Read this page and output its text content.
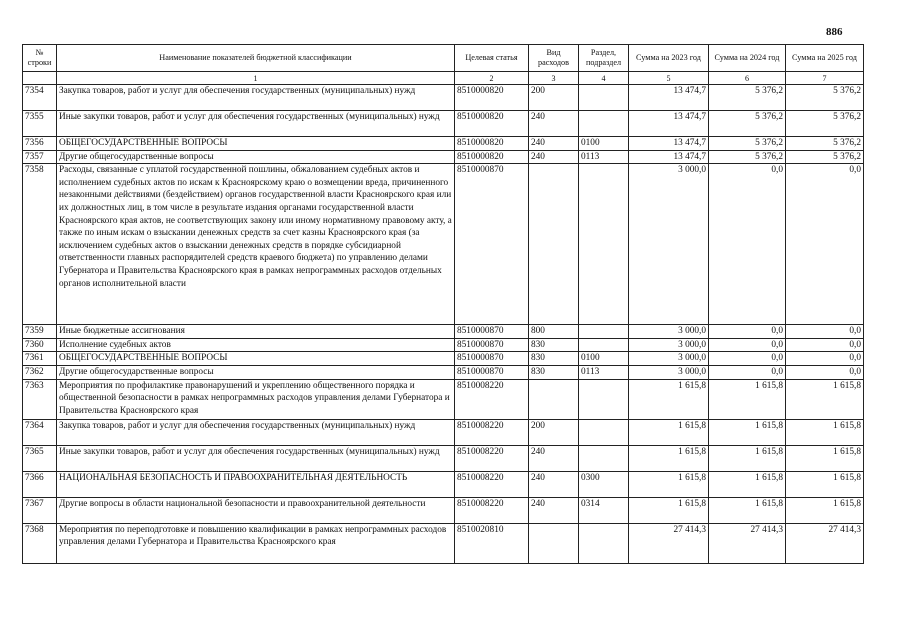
886
№ строки	Наименование показателей бюджетной классификации	Целевая статья	Вид расходов	Раздел, подраздел	Сумма на 2023 год	Сумма на 2024 год	Сумма на 2025 год
	1	2	3	4	5	6	7
7354	Закупка товаров, работ и услуг для обеспечения государственных (муниципальных) нужд	8510000820	200		13 474,7	5 376,2	5 376,2
7355	Иные закупки товаров, работ и услуг для обеспечения государственных (муниципальных) нужд	8510000820	240		13 474,7	5 376,2	5 376,2
7356	ОБЩЕГОСУДАРСТВЕННЫЕ ВОПРОСЫ	8510000820	240	0100	13 474,7	5 376,2	5 376,2
7357	Другие общегосударственные вопросы	8510000820	240	0113	13 474,7	5 376,2	5 376,2
7358	Расходы, связанные с уплатой государственной пошлины, обжалованием судебных актов и исполнением судебных актов по искам к Красноярскому краю о возмещении вреда, причиненного незаконными действиями (бездействием) органов государственной власти Красноярского края или их должностных лиц, в том числе в результате издания органами государственной власти Красноярского края актов, не соответствующих закону или иному нормативному правовому акту, а также по иным искам о взыскании денежных средств за счет казны Красноярского края (за исключением судебных актов о взыскании денежных средств в порядке субсидиарной ответственности главных распорядителей средств краевого бюджета) по управлению делами Губернатора и Правительства Красноярского края в рамках непрограммных расходов отдельных органов исполнительной власти	8510000870			3 000,0	0,0	0,0
7359	Иные бюджетные ассигнования	8510000870	800		3 000,0	0,0	0,0
7360	Исполнение судебных актов	8510000870	830		3 000,0	0,0	0,0
7361	ОБЩЕГОСУДАРСТВЕННЫЕ ВОПРОСЫ	8510000870	830	0100	3 000,0	0,0	0,0
7362	Другие общегосударственные вопросы	8510000870	830	0113	3 000,0	0,0	0,0
7363	Мероприятия по профилактике правонарушений и укреплению общественного порядка и общественной безопасности в рамках непрограммных расходов управления делами Губернатора и Правительства Красноярского края	8510008220			1 615,8	1 615,8	1 615,8
7364	Закупка товаров, работ и услуг для обеспечения государственных (муниципальных) нужд	8510008220	200		1 615,8	1 615,8	1 615,8
7365	Иные закупки товаров, работ и услуг для обеспечения государственных (муниципальных) нужд	8510008220	240		1 615,8	1 615,8	1 615,8
7366	НАЦИОНАЛЬНАЯ БЕЗОПАСНОСТЬ И ПРАВООХРАНИТЕЛЬНАЯ ДЕЯТЕЛЬНОСТЬ	8510008220	240	0300	1 615,8	1 615,8	1 615,8
7367	Другие вопросы в области национальной безопасности и правоохранительной деятельности	8510008220	240	0314	1 615,8	1 615,8	1 615,8
7368	Мероприятия по переподготовке и повышению квалификации в рамках непрограммных расходов управления делами Губернатора и Правительства Красноярского края	8510020810			27 414,3	27 414,3	27 414,3
